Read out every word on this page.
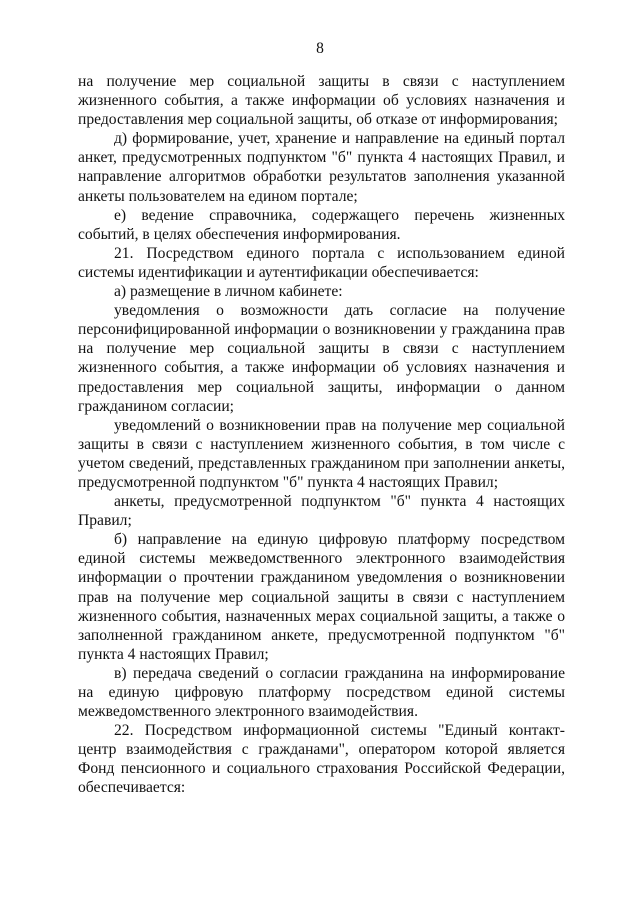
8

на получение мер социальной защиты в связи с наступлением жизненного события, а также информации об условиях назначения и предоставления мер социальной защиты, об отказе от информирования;

д) формирование, учет, хранение и направление на единый портал анкет, предусмотренных подпунктом "б" пункта 4 настоящих Правил, и направление алгоритмов обработки результатов заполнения указанной анкеты пользователем на едином портале;

е) ведение справочника, содержащего перечень жизненных событий, в целях обеспечения информирования.

21. Посредством единого портала с использованием единой системы идентификации и аутентификации обеспечивается:

а) размещение в личном кабинете:

уведомления о возможности дать согласие на получение персонифицированной информации о возникновении у гражданина прав на получение мер социальной защиты в связи с наступлением жизненного события, а также информации об условиях назначения и предоставления мер социальной защиты, информации о данном гражданином согласии;

уведомлений о возникновении прав на получение мер социальной защиты в связи с наступлением жизненного события, в том числе с учетом сведений, представленных гражданином при заполнении анкеты, предусмотренной подпунктом "б" пункта 4 настоящих Правил;

анкеты, предусмотренной подпунктом "б" пункта 4 настоящих Правил;

б) направление на единую цифровую платформу посредством единой системы межведомственного электронного взаимодействия информации о прочтении гражданином уведомления о возникновении прав на получение мер социальной защиты в связи с наступлением жизненного события, назначенных мерах социальной защиты, а также о заполненной гражданином анкете, предусмотренной подпунктом "б" пункта 4 настоящих Правил;

в) передача сведений о согласии гражданина на информирование на единую цифровую платформу посредством единой системы межведомственного электронного взаимодействия.

22. Посредством информационной системы "Единый контакт-центр взаимодействия с гражданами", оператором которой является Фонд пенсионного и социального страхования Российской Федерации, обеспечивается:
